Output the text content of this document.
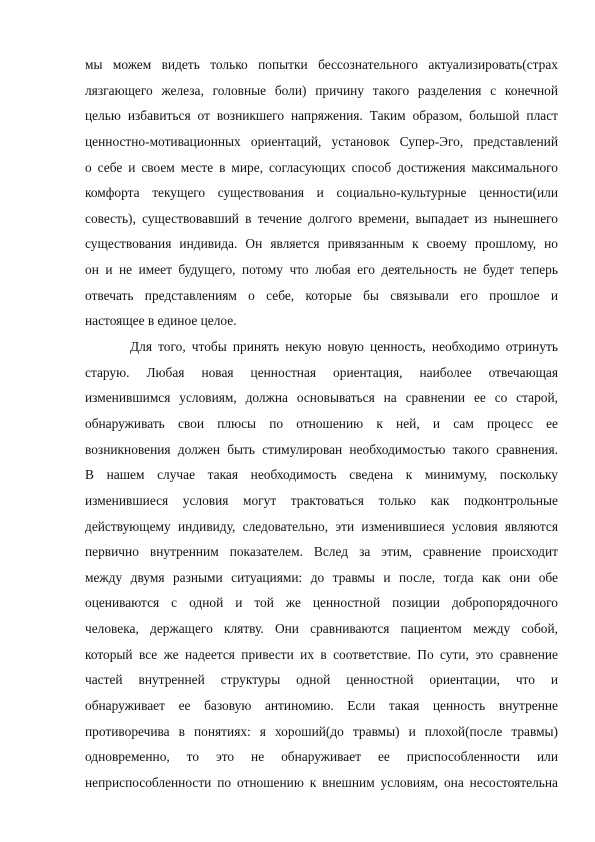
мы можем видеть только попытки бессознательного актуализировать(страх
лязгающего железа, головные боли) причину такого разделения с конечной
целью избавиться от возникшего напряжения. Таким образом, большой пласт
ценностно-мотивационных ориентаций, установок Супер-Эго, представлений
о себе и своем месте в мире, согласующих способ достижения максимального
комфорта текущего существования и социально-культурные ценности(или
совесть), существовавший в течение долгого времени, выпадает из нынешнего
существования индивида. Он является привязанным к своему прошлому, но
он и не имеет будущего, потому что любая его деятельность не будет теперь
отвечать представлениям о себе, которые бы связывали его прошлое и
настоящее в единое целое.
Для того, чтобы принять некую новую ценность, необходимо отринуть
старую. Любая новая ценностная ориентация, наиболее отвечающая
изменившимся условиям, должна основываться на сравнении ее со старой,
обнаруживать свои плюсы по отношению к ней, и сам процесс ее
возникновения должен быть стимулирован необходимостью такого сравнения.
В нашем случае такая необходимость сведена к минимуму, поскольку
изменившиеся условия могут трактоваться только как подконтрольные
действующему индивиду, следовательно, эти изменившиеся условия являются
первично внутренним показателем. Вслед за этим, сравнение происходит
между двумя разными ситуациями: до травмы и после, тогда как они обе
оцениваются с одной и той же ценностной позиции добропорядочного
человека, держащего клятву. Они сравниваются пациентом между собой,
который все же надеется привести их в соответствие. По сути, это сравнение
частей внутренней структуры одной ценностной ориентации, что и
обнаруживает ее базовую антиномию. Если такая ценность внутренне
противоречива в понятиях: я хороший(до травмы) и плохой(после травмы)
одновременно, то это не обнаруживает ее приспособленности или
неприспособленности по отношению к внешним условиям, она несостоятельна
